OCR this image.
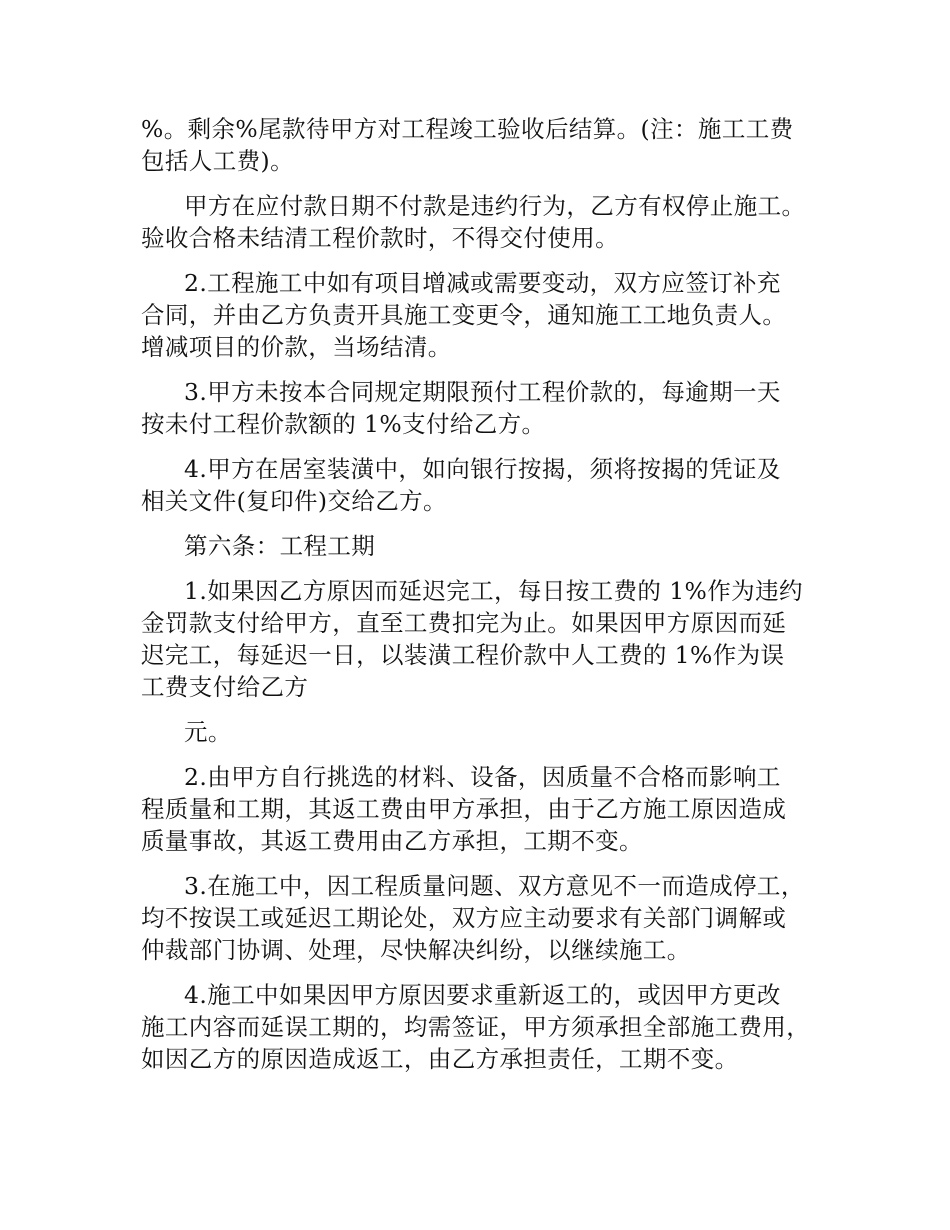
%。剩余%尾款待甲方对工程竣工验收后结算。(注：施工工费
包括人工费)。

甲方在应付款日期不付款是违约行为，乙方有权停止施工。
验收合格未结清工程价款时，不得交付使用。

2.工程施工中如有项目增减或需要变动，双方应签订补充
合同，并由乙方负责开具施工变更令，通知施工工地负责人。
增减项目的价款，当场结清。

3.甲方未按本合同规定期限预付工程价款的，每逾期一天
按未付工程价款额的 1%支付给乙方。

4.甲方在居室装潢中，如向银行按揭，须将按揭的凭证及
相关文件(复印件)交给乙方。

第六条：工程工期

1.如果因乙方原因而延迟完工，每日按工费的 1%作为违约
金罚款支付给甲方，直至工费扣完为止。如果因甲方原因而延
迟完工，每延迟一日，以装潢工程价款中人工费的 1%作为误
工费支付给乙方

元。

2.由甲方自行挑选的材料、设备，因质量不合格而影响工
程质量和工期，其返工费由甲方承担，由于乙方施工原因造成
质量事故，其返工费用由乙方承担，工期不变。

3.在施工中，因工程质量问题、双方意见不一而造成停工，
均不按误工或延迟工期论处，双方应主动要求有关部门调解或
仲裁部门协调、处理，尽快解决纠纷，以继续施工。

4.施工中如果因甲方原因要求重新返工的，或因甲方更改
施工内容而延误工期的，均需签证，甲方须承担全部施工费用，
如因乙方的原因造成返工，由乙方承担责任，工期不变。
